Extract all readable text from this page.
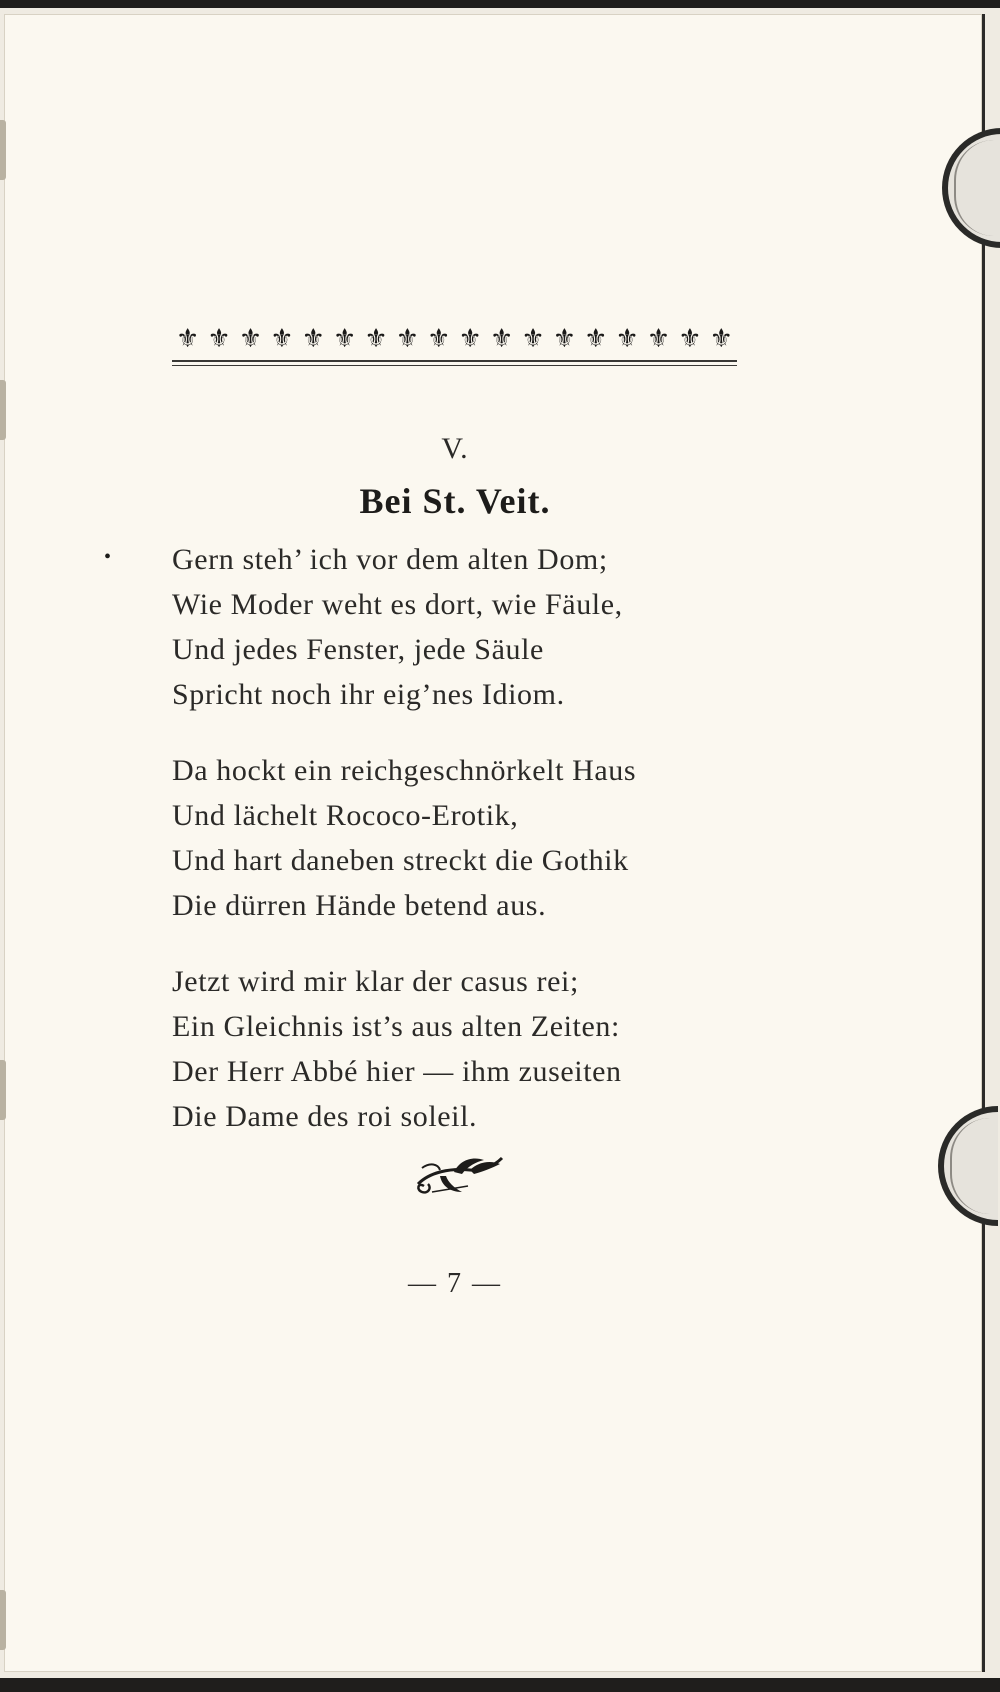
⚜ ⚜ ⚜ ⚜ ⚜ ⚜ ⚜ ⚜ ⚜ ⚜ ⚜ ⚜ ⚜ ⚜ ⚜ ⚜ ⚜ ⚜
V.
Bei St. Veit.
• Gern steh’ ich vor dem alten Dom;
Wie Moder weht es dort, wie Fäule,
Und jedes Fenster, jede Säule
Spricht noch ihr eig’nes Idiom.
Da hockt ein reichgeschnörkelt Haus
Und lächelt Rococo-Erotik,
Und hart daneben streckt die Gothik
Die dürren Hände betend aus.
Jetzt wird mir klar der casus rei;
Ein Gleichnis ist’s aus alten Zeiten:
Der Herr Abbé hier — ihm zuseiten
Die Dame des roi soleil.
— 7 —
